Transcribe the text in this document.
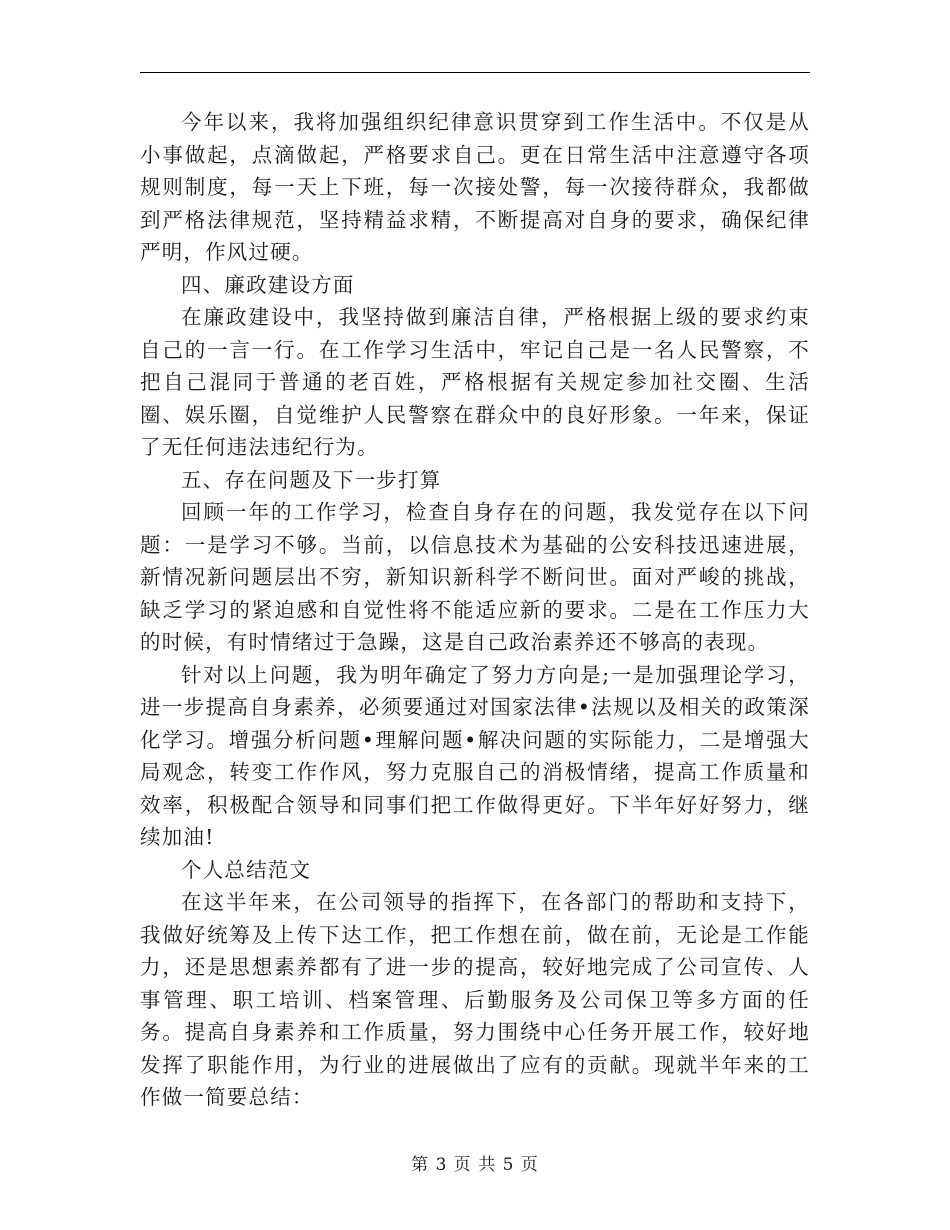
今年以来，我将加强组织纪律意识贯穿到工作生活中。不仅是从小事做起，点滴做起，严格要求自己。更在日常生活中注意遵守各项规则制度，每一天上下班，每一次接处警，每一次接待群众，我都做到严格法律规范，坚持精益求精，不断提高对自身的要求，确保纪律严明，作风过硬。

四、廉政建设方面

在廉政建设中，我坚持做到廉洁自律，严格根据上级的要求约束自己的一言一行。在工作学习生活中，牢记自己是一名人民警察，不把自己混同于普通的老百姓，严格根据有关规定参加社交圈、生活圈、娱乐圈，自觉维护人民警察在群众中的良好形象。一年来，保证了无任何违法违纪行为。

五、存在问题及下一步打算

回顾一年的工作学习，检查自身存在的问题，我发觉存在以下问题：一是学习不够。当前，以信息技术为基础的公安科技迅速进展，新情况新问题层出不穷，新知识新科学不断问世。面对严峻的挑战，缺乏学习的紧迫感和自觉性将不能适应新的要求。二是在工作压力大的时候，有时情绪过于急躁，这是自己政治素养还不够高的表现。

针对以上问题，我为明年确定了努力方向是;一是加强理论学习，进一步提高自身素养，必须要通过对国家法律•法规以及相关的政策深化学习。增强分析问题•理解问题•解决问题的实际能力，二是增强大局观念，转变工作作风，努力克服自己的消极情绪，提高工作质量和效率，积极配合领导和同事们把工作做得更好。下半年好好努力，继续加油!

个人总结范文

在这半年来，在公司领导的指挥下，在各部门的帮助和支持下，我做好统筹及上传下达工作，把工作想在前，做在前，无论是工作能力，还是思想素养都有了进一步的提高，较好地完成了公司宣传、人事管理、职工培训、档案管理、后勤服务及公司保卫等多方面的任务。提高自身素养和工作质量，努力围绕中心任务开展工作，较好地发挥了职能作用，为行业的进展做出了应有的贡献。现就半年来的工作做一简要总结：

第 3 页 共 5 页
